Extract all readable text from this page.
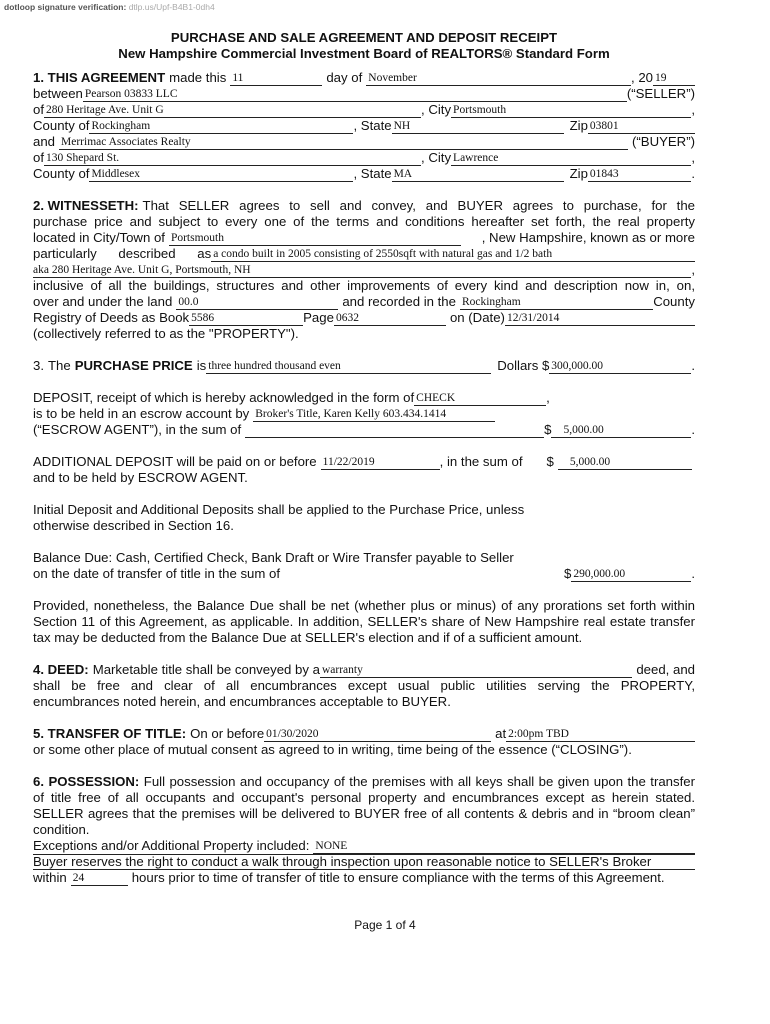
dotloop signature verification: dtlp.us/Upf-B4B1-0dh4
PURCHASE AND SALE AGREEMENT AND DEPOSIT RECEIPT
New Hampshire Commercial Investment Board of REALTORS® Standard Form
1. THIS AGREEMENT made this 11	day of November	, 20 19
between Pearson 03833 LLC	(“SELLER”)
of 280 Heritage Ave. Unit G	, City Portsmouth	,
County of Rockingham	, State NH	Zip 03801
and Merrimac Associates Realty	(“BUYER”)
of 130 Shepard St.	, City Lawrence	,
County of Middlesex	, State MA	Zip 01843	.
2. WITNESSETH: That SELLER agrees to sell and convey, and BUYER agrees to purchase, for the
purchase price and subject to every one of the terms and conditions hereafter set forth, the real property
located in City/Town of Portsmouth	, New Hampshire, known as or more
particularly described as a condo built in 2005 consisting of 2550sqft with natural gas and 1/2 bath
aka 280 Heritage Ave. Unit G, Portsmouth, NH	,
inclusive of all the buildings, structures and other improvements of every kind and description now in, on,
over and under the land 00.0	and recorded in the Rockingham	County
Registry of Deeds as Book 5586	Page 0632	on (Date) 12/31/2014
(collectively referred to as the "PROPERTY").
3. The PURCHASE PRICE is three hundred thousand even	Dollars $ 300,000.00	.
DEPOSIT, receipt of which is hereby acknowledged in the form of CHECK	,
is to be held in an escrow account by Broker's Title, Karen Kelly 603.434.1414
(“ESCROW AGENT”), in the sum of	$	5,000.00	.
ADDITIONAL DEPOSIT will be paid on or before 11/22/2019	, in the sum of $	5,000.00
and to be held by ESCROW AGENT.
Initial Deposit and Additional Deposits shall be applied to the Purchase Price, unless
otherwise described in Section 16.
Balance Due: Cash, Certified Check, Bank Draft or Wire Transfer payable to Seller
on the date of transfer of title in the sum of	$ 290,000.00	.
Provided, nonetheless, the Balance Due shall be net (whether plus or minus) of any prorations set forth within Section 11 of this Agreement, as applicable. In addition, SELLER's share of New Hampshire real estate transfer tax may be deducted from the Balance Due at SELLER's election and if of a sufficient amount.
4. DEED: Marketable title shall be conveyed by a warranty	deed, and
shall be free and clear of all encumbrances except usual public utilities serving the PROPERTY,
encumbrances noted herein, and encumbrances acceptable to BUYER.
5. TRANSFER OF TITLE: On or before 01/30/2020	at 2:00pm TBD
or some other place of mutual consent as agreed to in writing, time being of the essence (“CLOSING”).
6. POSSESSION: Full possession and occupancy of the premises with all keys shall be given upon the transfer of title free of all occupants and occupant's personal property and encumbrances except as herein stated. SELLER agrees that the premises will be delivered to BUYER free of all contents & debris and in “broom clean” condition.
Exceptions and/or Additional Property included: NONE
Buyer reserves the right to conduct a walk through inspection upon reasonable notice to SELLER's Broker
within 24	hours prior to time of transfer of title to ensure compliance with the terms of this Agreement.
Page 1 of 4
